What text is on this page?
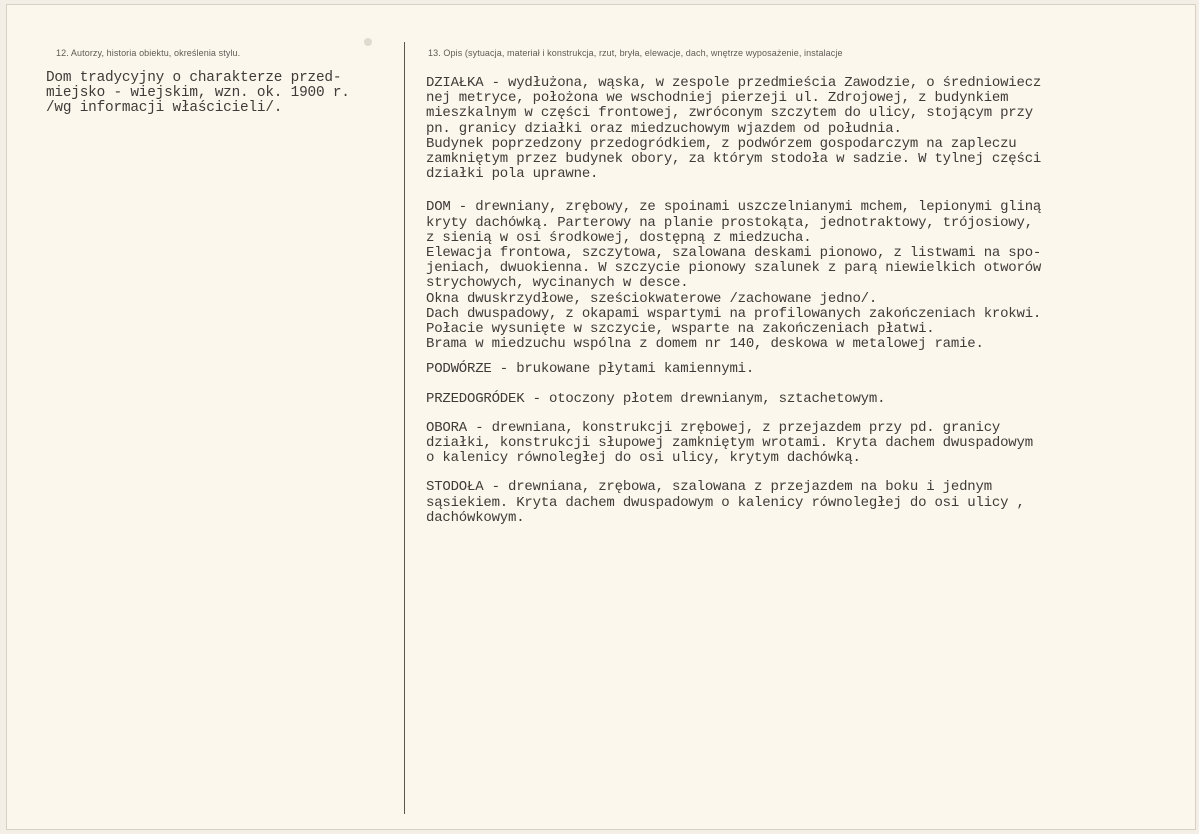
12. Autorzy, historia obiektu, określenia stylu.	13. Opis (sytuacja, materiał i konstrukcja, rzut, bryła, elewacje, dach, wnętrze wyposażenie, instalacje
Dom tradycyjny o charakterze przed-
miejsko - wiejskim, wzn. ok. 1900 r.
/wg informacji właścicieli/.
DZIAŁKA - wydłużona, wąska, w zespole przedmieścia Zawodzie, o średniowiecz
nej metryce, położona we wschodniej pierzeji ul. Zdrojowej, z budynkiem
mieszkalnym w części frontowej, zwróconym szczytem do ulicy, stojącym przy
pn. granicy działki oraz miedzuchowym wjazdem od południa.
Budynek poprzedzony przedogródkiem, z podwórzem gospodarczym na zapleczu
zamkniętym przez budynek obory, za którym stodoła w sadzie. W tylnej części
działki pola uprawne.
DOM - drewniany, zrębowy, ze spoinami uszczelnianymi mchem, lepionymi gliną
kryty dachówką. Parterowy na planie prostokąta, jednotraktowy, trójosiowy,
z sienią w osi środkowej, dostępną z miedzucha.
Elewacja frontowa, szczytowa, szalowana deskami pionowo, z listwami na spo-
jeniach, dwuokienna. W szczycie pionowy szalunek z parą niewielkich otworów
strychowych, wycinanych w desce.
Okna dwuskrzydłowe, sześciokwaterowe /zachowane jedno/.
Dach dwuspadowy, z okapami wspartymi na profilowanych zakończeniach krokwi.
Połacie wysunięte w szczycie, wsparte na zakończeniach płatwi.
Brama w miedzuchu wspólna z domem nr 140, deskowa w metalowej ramie.
PODWÓRZE - brukowane płytami kamiennymi.
PRZEDOGRÓDEK - otoczony płotem drewnianym, sztachetowym.
OBORA - drewniana, konstrukcji zrębowej, z przejazdem przy pd. granicy
działki, konstrukcji słupowej zamkniętym wrotami. Kryta dachem dwuspadowym
o kalenicy równoległej do osi ulicy, krytym dachówką.
STODOŁA - drewniana, zrębowa, szalowana z przejazdem na boku i jednym
sąsiekiem. Kryta dachem dwuspadowym o kalenicy równoległej do osi ulicy ,
dachówkowym.
